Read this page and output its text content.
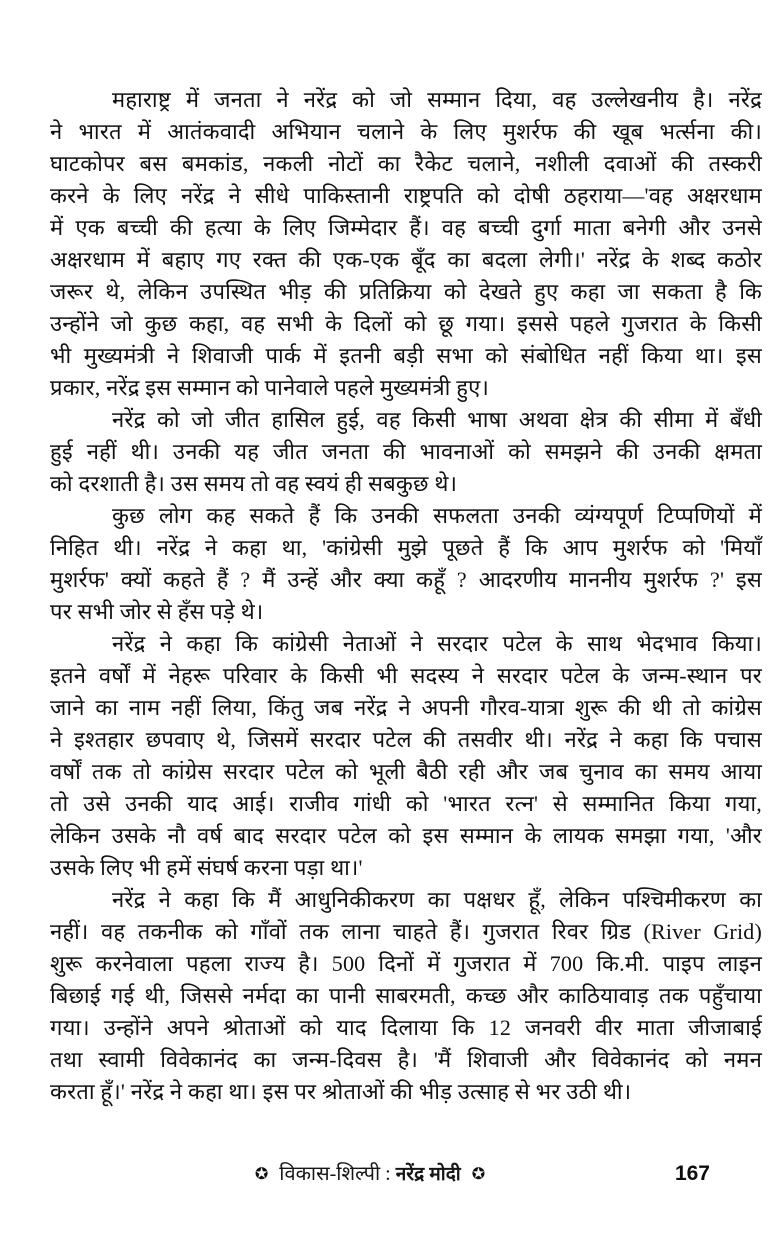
महाराष्ट्र में जनता ने नरेंद्र को जो सम्मान दिया, वह उल्लेखनीय है। नरेंद्र
ने भारत में आतंकवादी अभियान चलाने के लिए मुशर्रफ की खूब भर्त्सना की।
घाटकोपर बस बमकांड, नकली नोटों का रैकेट चलाने, नशीली दवाओं की तस्करी
करने के लिए नरेंद्र ने सीधे पाकिस्तानी राष्ट्रपति को दोषी ठहराया—'वह अक्षरधाम
में एक बच्ची की हत्या के लिए जिम्मेदार हैं। वह बच्ची दुर्गा माता बनेगी और उनसे
अक्षरधाम में बहाए गए रक्त की एक-एक बूँद का बदला लेगी।' नरेंद्र के शब्द कठोर
जरूर थे, लेकिन उपस्थित भीड़ की प्रतिक्रिया को देखते हुए कहा जा सकता है कि
उन्होंने जो कुछ कहा, वह सभी के दिलों को छू गया। इससे पहले गुजरात के किसी
भी मुख्यमंत्री ने शिवाजी पार्क में इतनी बड़ी सभा को संबोधित नहीं किया था। इस
प्रकार, नरेंद्र इस सम्मान को पानेवाले पहले मुख्यमंत्री हुए।
नरेंद्र को जो जीत हासिल हुई, वह किसी भाषा अथवा क्षेत्र की सीमा में बँधी
हुई नहीं थी। उनकी यह जीत जनता की भावनाओं को समझने की उनकी क्षमता
को दरशाती है। उस समय तो वह स्वयं ही सबकुछ थे।
कुछ लोग कह सकते हैं कि उनकी सफलता उनकी व्यंग्यपूर्ण टिप्पणियों में
निहित थी। नरेंद्र ने कहा था, 'कांग्रेसी मुझे पूछते हैं कि आप मुशर्रफ को 'मियाँ
मुशर्रफ' क्यों कहते हैं ? मैं उन्हें और क्या कहूँ ? आदरणीय माननीय मुशर्रफ ?' इस
पर सभी जोर से हँस पड़े थे।
नरेंद्र ने कहा कि कांग्रेसी नेताओं ने सरदार पटेल के साथ भेदभाव किया।
इतने वर्षों में नेहरू परिवार के किसी भी सदस्य ने सरदार पटेल के जन्म-स्थान पर
जाने का नाम नहीं लिया, किंतु जब नरेंद्र ने अपनी गौरव-यात्रा शुरू की थी तो कांग्रेस
ने इश्तहार छपवाए थे, जिसमें सरदार पटेल की तसवीर थी। नरेंद्र ने कहा कि पचास
वर्षों तक तो कांग्रेस सरदार पटेल को भूली बैठी रही और जब चुनाव का समय आया
तो उसे उनकी याद आई। राजीव गांधी को 'भारत रत्न' से सम्मानित किया गया,
लेकिन उसके नौ वर्ष बाद सरदार पटेल को इस सम्मान के लायक समझा गया, 'और
उसके लिए भी हमें संघर्ष करना पड़ा था।'
नरेंद्र ने कहा कि मैं आधुनिकीकरण का पक्षधर हूँ, लेकिन पश्चिमीकरण का
नहीं। वह तकनीक को गाँवों तक लाना चाहते हैं। गुजरात रिवर ग्रिड (River Grid)
शुरू करनेवाला पहला राज्य है। 500 दिनों में गुजरात में 700 कि.मी. पाइप लाइन
बिछाई गई थी, जिससे नर्मदा का पानी साबरमती, कच्छ और काठियावाड़ तक पहुँचाया
गया। उन्होंने अपने श्रोताओं को याद दिलाया कि 12 जनवरी वीर माता जीजाबाई
तथा स्वामी विवेकानंद का जन्म-दिवस है। 'मैं शिवाजी और विवेकानंद को नमन
करता हूँ।' नरेंद्र ने कहा था। इस पर श्रोताओं की भीड़ उत्साह से भर उठी थी।
✪ विकास-शिल्पी : नरेंद्र मोदी ✪	167
